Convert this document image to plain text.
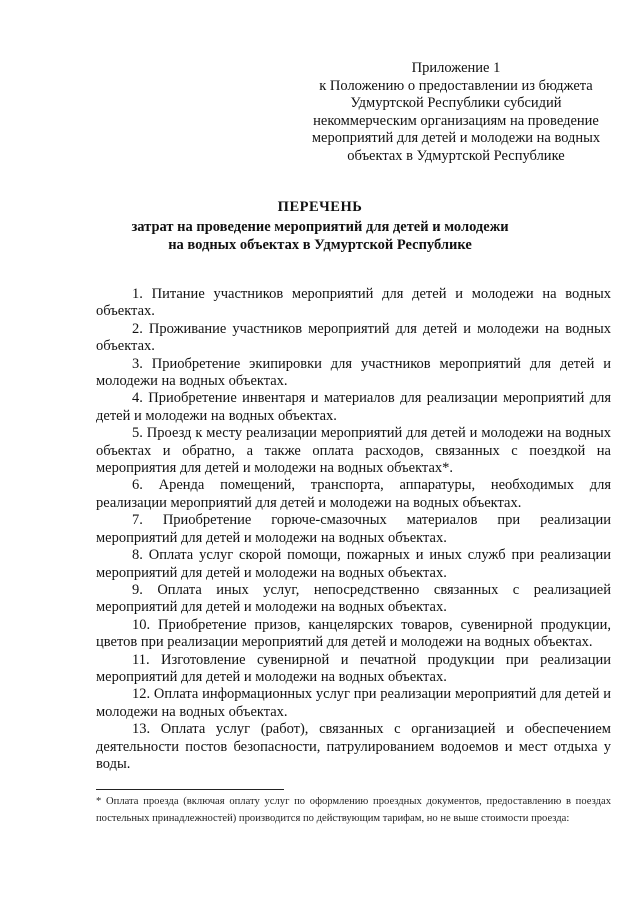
Приложение 1
к Положению о предоставлении из бюджета
Удмуртской Республики субсидий
некоммерческим организациям на проведение
мероприятий для детей и молодежи на водных
объектах в Удмуртской Республике
ПЕРЕЧЕНЬ
затрат на проведение мероприятий для детей и молодежи
на водных объектах в Удмуртской Республике

1. Питание участников мероприятий для детей и молодежи на водных объектах.

2. Проживание участников мероприятий для детей и молодежи на водных объектах.

3. Приобретение экипировки для участников мероприятий для детей и молодежи на водных объектах.

4. Приобретение инвентаря и материалов для реализации мероприятий для детей и молодежи на водных объектах.

5. Проезд к месту реализации мероприятий для детей и молодежи на водных объектах и обратно, а также оплата расходов, связанных с поездкой на мероприятия для детей и молодежи на водных объектах*.

6. Аренда помещений, транспорта, аппаратуры, необходимых для реализации мероприятий для детей и молодежи на водных объектах.

7. Приобретение горюче-смазочных материалов при реализации мероприятий для детей и молодежи на водных объектах.

8. Оплата услуг скорой помощи, пожарных и иных служб при реализации мероприятий для детей и молодежи на водных объектах.

9. Оплата иных услуг, непосредственно связанных с реализацией мероприятий для детей и молодежи на водных объектах.

10. Приобретение призов, канцелярских товаров, сувенирной продукции, цветов при реализации мероприятий для детей и молодежи на водных объектах.

11. Изготовление сувенирной и печатной продукции при реализации мероприятий для детей и молодежи на водных объектах.

12. Оплата информационных услуг при реализации мероприятий для детей и молодежи на водных объектах.

13. Оплата услуг (работ), связанных с организацией и обеспечением деятельности постов безопасности, патрулированием водоемов и мест отдыха у воды.

* Оплата проезда (включая оплату услуг по оформлению проездных документов, предоставлению в поездах постельных принадлежностей) производится по действующим тарифам, но не выше стоимости проезда:
